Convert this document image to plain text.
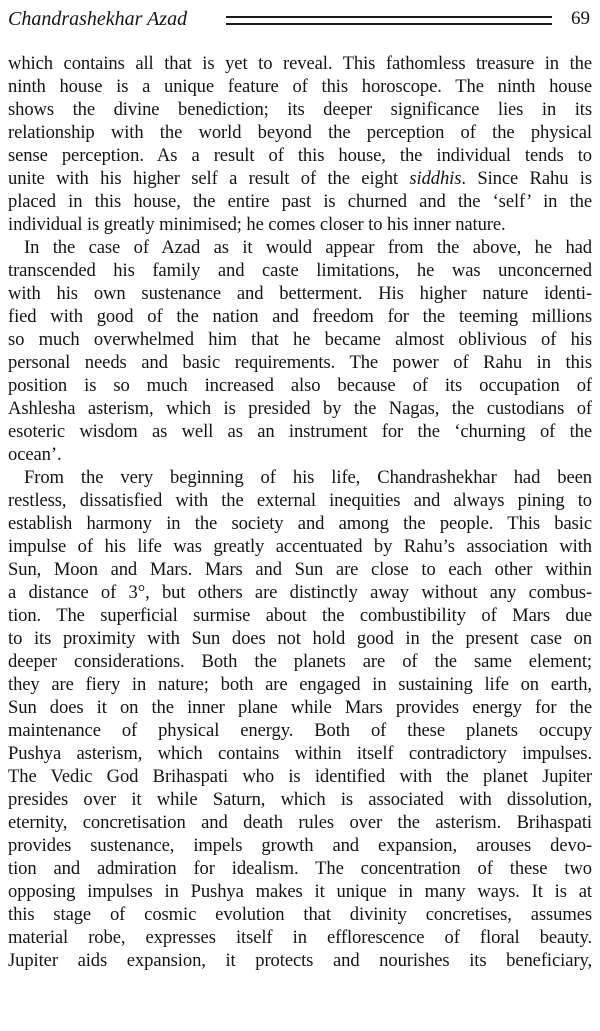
Chandrashekhar Azad	69
which contains all that is yet to reveal. This fathomless treasure in the
ninth house is a unique feature of this horoscope. The ninth house
shows the divine benediction; its deeper significance lies in its
relationship with the world beyond the perception of the physical
sense perception. As a result of this house, the individual tends to
unite with his higher self a result of the eight siddhis. Since Rahu is
placed in this house, the entire past is churned and the ‘self’ in the
individual is greatly minimised; he comes closer to his inner nature.
In the case of Azad as it would appear from the above, he had
transcended his family and caste limitations, he was unconcerned
with his own sustenance and betterment. His higher nature identi-
fied with good of the nation and freedom for the teeming millions
so much overwhelmed him that he became almost oblivious of his
personal needs and basic requirements. The power of Rahu in this
position is so much increased also because of its occupation of
Ashlesha asterism, which is presided by the Nagas, the custodians of
esoteric wisdom as well as an instrument for the ‘churning of the
ocean’.
From the very beginning of his life, Chandrashekhar had been
restless, dissatisfied with the external inequities and always pining to
establish harmony in the society and among the people. This basic
impulse of his life was greatly accentuated by Rahu’s association with
Sun, Moon and Mars. Mars and Sun are close to each other within
a distance of 3°, but others are distinctly away without any combus-
tion. The superficial surmise about the combustibility of Mars due
to its proximity with Sun does not hold good in the present case on
deeper considerations. Both the planets are of the same element;
they are fiery in nature; both are engaged in sustaining life on earth,
Sun does it on the inner plane while Mars provides energy for the
maintenance of physical energy. Both of these planets occupy
Pushya asterism, which contains within itself contradictory impulses.
The Vedic God Brihaspati who is identified with the planet Jupiter
presides over it while Saturn, which is associated with dissolution,
eternity, concretisation and death rules over the asterism. Brihaspati
provides sustenance, impels growth and expansion, arouses devo-
tion and admiration for idealism. The concentration of these two
opposing impulses in Pushya makes it unique in many ways. It is at
this stage of cosmic evolution that divinity concretises, assumes
material robe, expresses itself in efflorescence of floral beauty.
Jupiter aids expansion, it protects and nourishes its beneficiary,
